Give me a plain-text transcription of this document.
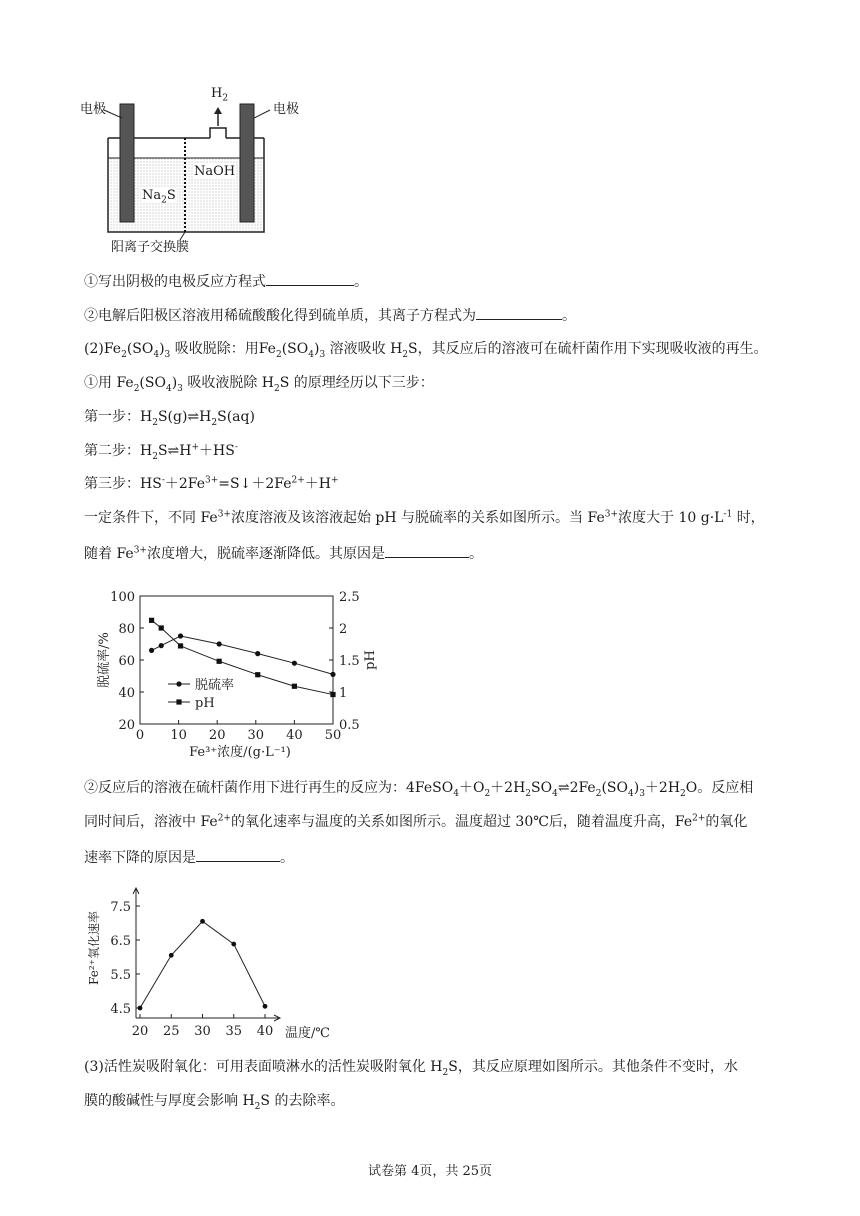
电极	电极
$H_2$
NaOH
$Na_2S$
阳离子交换膜
①写出阴极的电极反应方程式	。
②电解后阳极区溶液用稀硫酸酸化得到硫单质，其离子方程式为	。
$(2)Fe_2(SO_4)_3$ 吸收脱除：用$Fe_2(SO_4)_3$ 溶液吸收 $H_2S$，其反应后的溶液可在硫杆菌作用下实现吸收液的再生。
①用 $Fe_2(SO_4)_3$ 吸收液脱除 $H_2S$ 的原理经历以下三步：
第一步：$H_2S(g)\rightleftharpoons H_2S(aq)$
第二步：$H_2S\rightleftharpoons H^++HS^-$
第三步：$HS^-+2Fe^{3+}=S↓+2Fe^{2+}+H^+$
一定条件下，不同 $Fe^{3+}$浓度溶液及该溶液起始 pH 与脱硫率的关系如图所示。当 $Fe^{3+}$浓度大于 10 $g\cdot L^{-1}$ 时，
随着 $Fe^{3+}$浓度增大，脱硫率逐渐降低。其原因是	。
0 10 20 30 40 50
20
40
60
80
100
0.5
1
1.5
2
2.5
脱硫率
pH
Fe³⁺浓度/(g·L⁻¹)
脱硫率/%	pH
②反应后的溶液在硫杆菌作用下进行再生的反应为：$4FeSO_4+O_2+2H_2SO_4\rightleftharpoons 2Fe_2(SO_4)_3+2H_2O$。反应相
同时间后，溶液中 $Fe^{2+}$的氧化速率与温度的关系如图所示。温度超过 30℃后，随着温度升高，$Fe^{2+}$的氧化
速率下降的原因是	。
20 25 30 35 40
4.5
5.5
6.5
7.5
温度/℃
Fe²⁺氧化速率
(3)活性炭吸附氧化：可用表面喷淋水的活性炭吸附氧化 $H_2S$，其反应原理如图所示。其他条件不变时，水
膜的酸碱性与厚度会影响 $H_2S$ 的去除率。
试卷第 4页，共 25页
